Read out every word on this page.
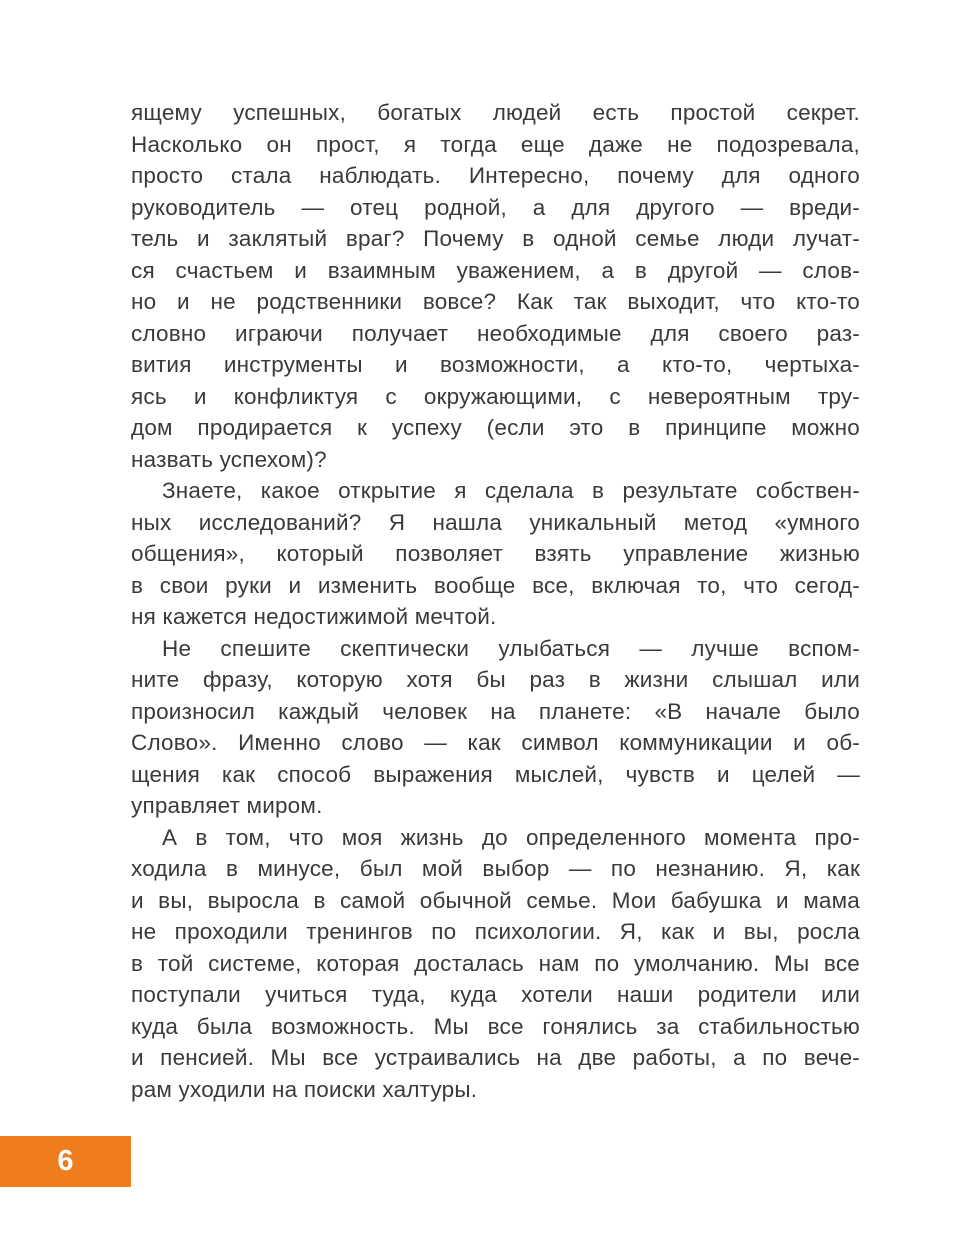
ящему успешных, богатых людей есть простой секрет.
Насколько он прост, я тогда еще даже не подозревала,
просто стала наблюдать. Интересно, почему для одного
руководитель — отец родной, а для другого — вреди-
тель и заклятый враг? Почему в одной семье люди лучат-
ся счастьем и взаимным уважением, а в другой — слов-
но и не родственники вовсе? Как так выходит, что кто-то
словно играючи получает необходимые для своего раз-
вития инструменты и возможности, а кто-то, чертыха-
ясь и конфликтуя с окружающими, с невероятным тру-
дом продирается к успеху (если это в принципе можно
назвать успехом)?
Знаете, какое открытие я сделала в результате собствен-
ных исследований? Я нашла уникальный метод «умного
общения», который позволяет взять управление жизнью
в свои руки и изменить вообще все, включая то, что сегод-
ня кажется недостижимой мечтой.
Не спешите скептически улыбаться — лучше вспом-
ните фразу, которую хотя бы раз в жизни слышал или
произносил каждый человек на планете: «В начале было
Слово». Именно слово — как символ коммуникации и об-
щения как способ выражения мыслей, чувств и целей —
управляет миром.
А в том, что моя жизнь до определенного момента про-
ходила в минусе, был мой выбор — по незнанию. Я, как
и вы, выросла в самой обычной семье. Мои бабушка и мама
не проходили тренингов по психологии. Я, как и вы, росла
в той системе, которая досталась нам по умолчанию. Мы все
поступали учиться туда, куда хотели наши родители или
куда была возможность. Мы все гонялись за стабильностью
и пенсией. Мы все устраивались на две работы, а по вече-
рам уходили на поиски халтуры.
6
